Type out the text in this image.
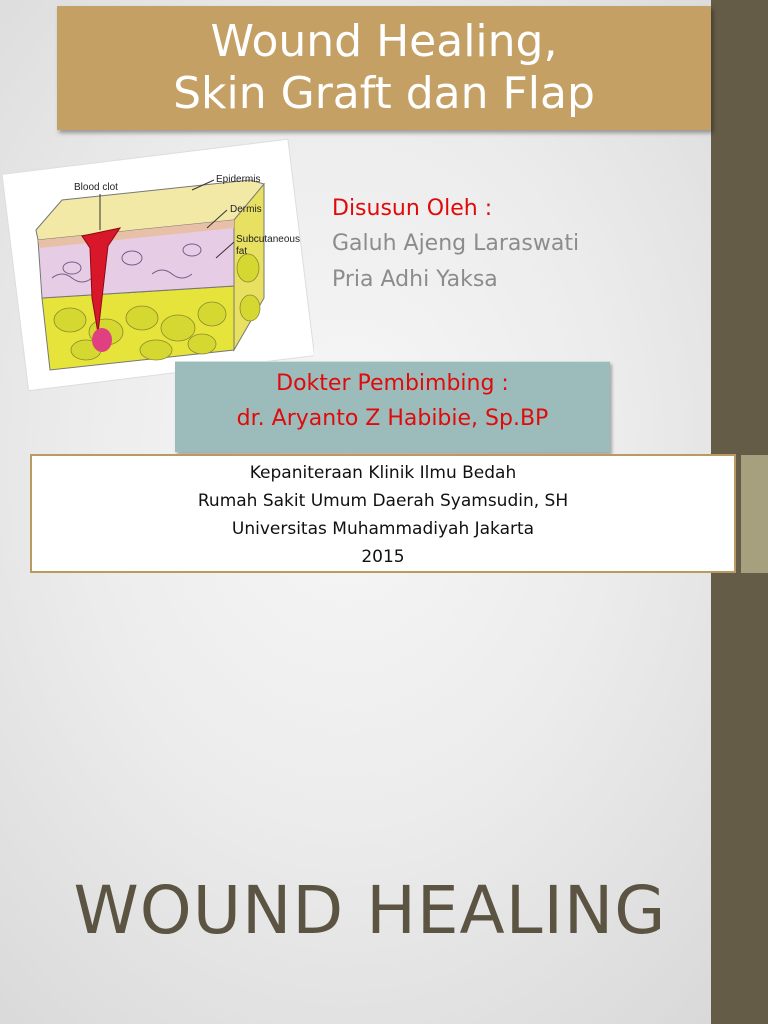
Wound Healing,
Skin Graft dan Flap
Blood clot
Epidermis
Dermis
Subcutaneous
fat
Disusun Oleh :
Galuh Ajeng Laraswati
Pria Adhi Yaksa
Dokter Pembimbing :
dr. Aryanto Z Habibie, Sp.BP
Kepaniteraan Klinik Ilmu Bedah
Rumah Sakit Umum Daerah Syamsudin, SH
Universitas Muhammadiyah Jakarta
2015
WOUND HEALING
